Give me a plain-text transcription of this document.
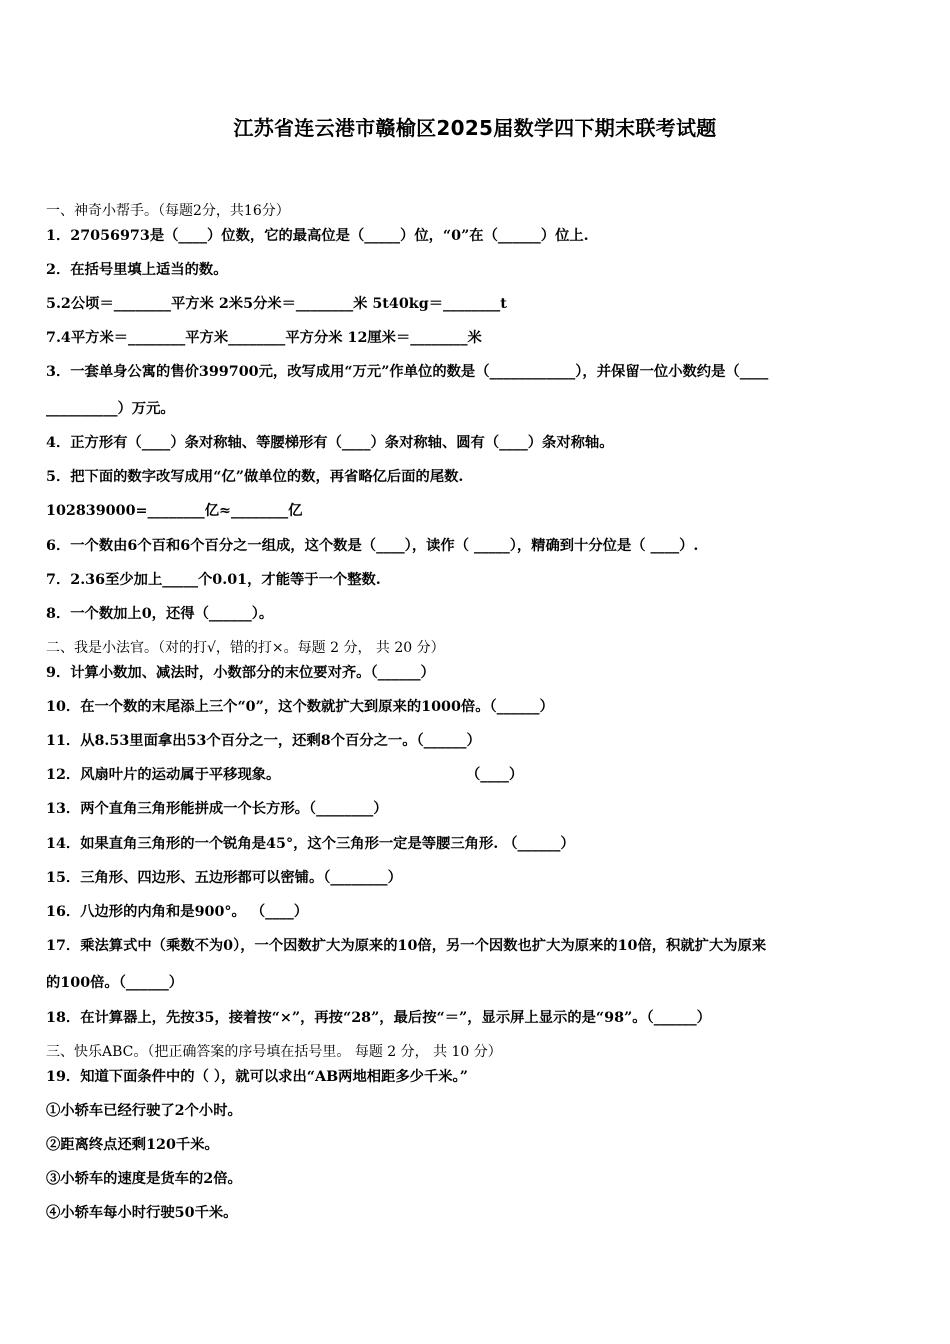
江苏省连云港市赣榆区2025届数学四下期末联考试题
一、神奇小帮手。（每题2分，共16分）
1．27056973是（____）位数，它的最高位是（_____）位，“0”在（______）位上.
2．在括号里填上适当的数。
5.2公顷＝________平方米 2米5分米＝________米 5t40kg＝________t
7.4平方米＝________平方米________平方分米 12厘米＝________米
3．一套单身公寓的售价399700元，改写成用“万元”作单位的数是（____________），并保留一位小数约是（____
__________）万元。
4．正方形有（____）条对称轴、等腰梯形有（____）条对称轴、圆有（____）条对称轴。
5．把下面的数字改写成用“亿”做单位的数，再省略亿后面的尾数.
102839000=________亿≈________亿
6．一个数由6个百和6个百分之一组成，这个数是（____），读作（ _____），精确到十分位是（ ____）.
7．2.36至少加上_____个0.01，才能等于一个整数.
8．一个数加上0，还得（______）。
二、我是小法官。（对的打√，错的打×。每题 2 分， 共 20 分）
9．计算小数加、减法时，小数部分的末位要对齐。（______）
10．在一个数的末尾添上三个“0”，这个数就扩大到原来的1000倍。（______）
11．从8.53里面拿出53个百分之一，还剩8个百分之一。（______）
12．风扇叶片的运动属于平移现象。	（____）
13．两个直角三角形能拼成一个长方形。（________）
14．如果直角三角形的一个锐角是45°，这个三角形一定是等腰三角形. （______）
15．三角形、四边形、五边形都可以密铺。（________）
16．八边形的内角和是900°。 （____）
17．乘法算式中（乘数不为0），一个因数扩大为原来的10倍，另一个因数也扩大为原来的10倍，积就扩大为原来
的100倍。（______）
18．在计算器上，先按35，接着按“×”，再按“28”，最后按“＝”，显示屏上显示的是“98”。（______）
三、快乐ABC。（把正确答案的序号填在括号里。 每题 2 分， 共 10 分）
19．知道下面条件中的（ ），就可以求出“AB两地相距多少千米。”
①小轿车已经行驶了2个小时。
②距离终点还剩120千米。
③小轿车的速度是货车的2倍。
④小轿车每小时行驶50千米。
